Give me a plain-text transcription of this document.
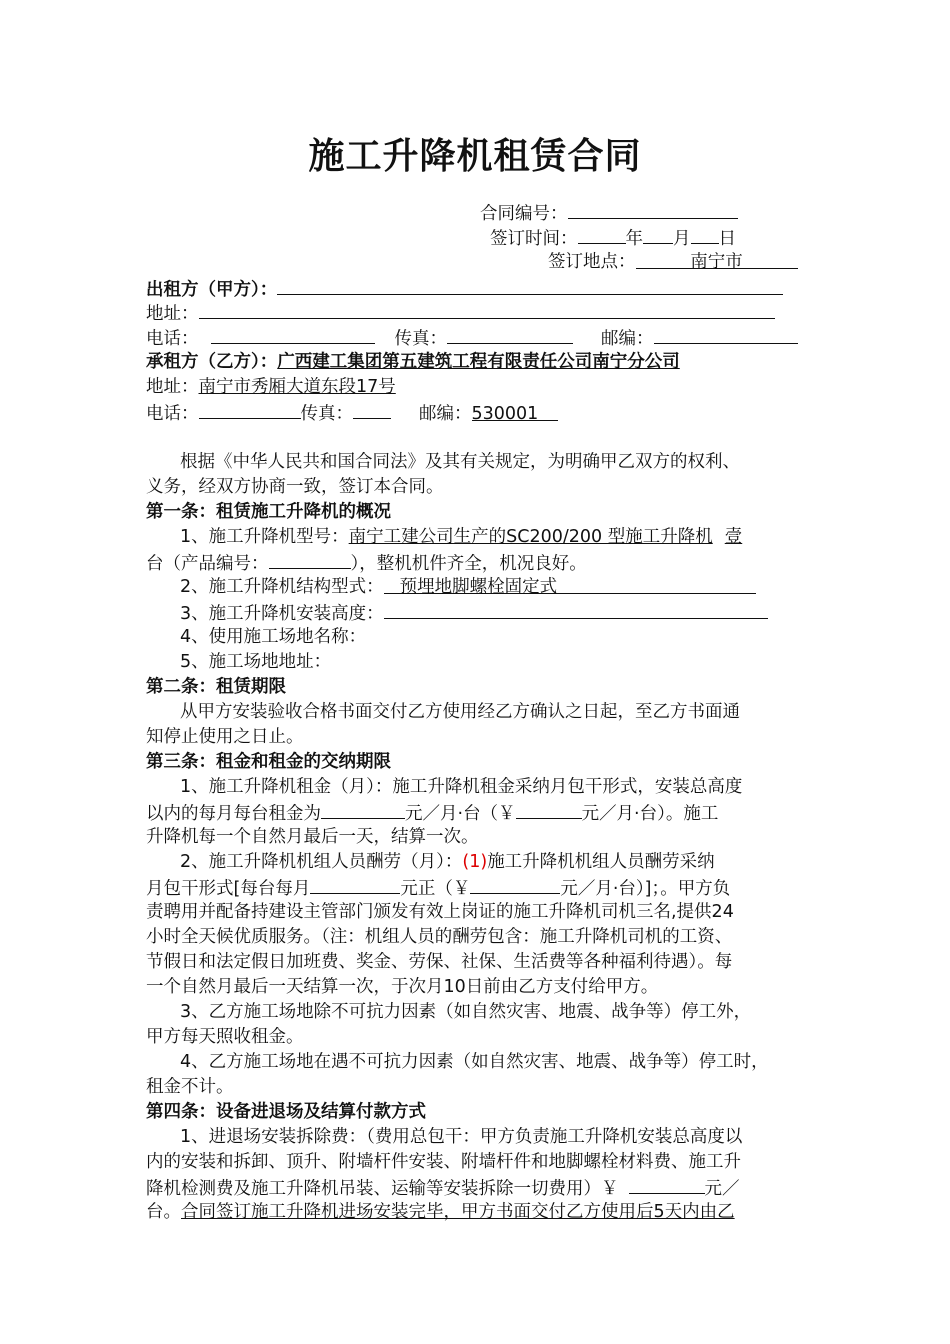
施工升降机租赁合同
合同编号：
签订时间：	年 月 日
签订地点：	南宁市
出租方（甲方）：
地址：
电话：	传真：	邮编：
承租方（乙方）：广西建工集团第五建筑工程有限责任公司南宁分公司
地址：南宁市秀厢大道东段17号
电话：	传真：	邮编：530001
根据《中华人民共和国合同法》及其有关规定，为明确甲乙双方的权利、
义务，经双方协商一致，签订本合同。
第一条：租赁施工升降机的概况
1、施工升降机型号：南宁工建公司生产的SC200/200 型施工升降机 壹
台（产品编号：	），整机机件齐全，机况良好。
2、施工升降机结构型式： 预埋地脚螺栓固定式
3、施工升降机安装高度：
4、使用施工场地名称：
5、施工场地地址：
第二条：租赁期限
从甲方安装验收合格书面交付乙方使用经乙方确认之日起，至乙方书面通
知停止使用之日止。
第三条：租金和租金的交纳期限
1、施工升降机租金（月）：施工升降机租金采纳月包干形式，安装总高度
以内的每月每台租金为	元／月·台（￥	元／月·台）。施工
升降机每一个自然月最后一天，结算一次。
2、施工升降机机组人员酬劳（月）：(1)施工升降机机组人员酬劳采纳
月包干形式[每台每月	元正（￥	元／月·台）]；。甲方负
责聘用并配备持建设主管部门颁发有效上岗证的施工升降机司机三名,提供24
小时全天候优质服务。（注：机组人员的酬劳包含：施工升降机司机的工资、
节假日和法定假日加班费、奖金、劳保、社保、生活费等各种福利待遇）。每
一个自然月最后一天结算一次，于次月10日前由乙方支付给甲方。
3、乙方施工场地除不可抗力因素（如自然灾害、地震、战争等）停工外，
甲方每天照收租金。
4、乙方施工场地在遇不可抗力因素（如自然灾害、地震、战争等）停工时，
租金不计。
第四条：设备进退场及结算付款方式
1、进退场安装拆除费：（费用总包干：甲方负责施工升降机安装总高度以
内的安装和拆卸、顶升、附墙杆件安装、附墙杆件和地脚螺栓材料费、施工升
降机检测费及施工升降机吊装、运输等安装拆除一切费用）￥	元／
台。合同签订施工升降机进场安装完毕，甲方书面交付乙方使用后5天内由乙
